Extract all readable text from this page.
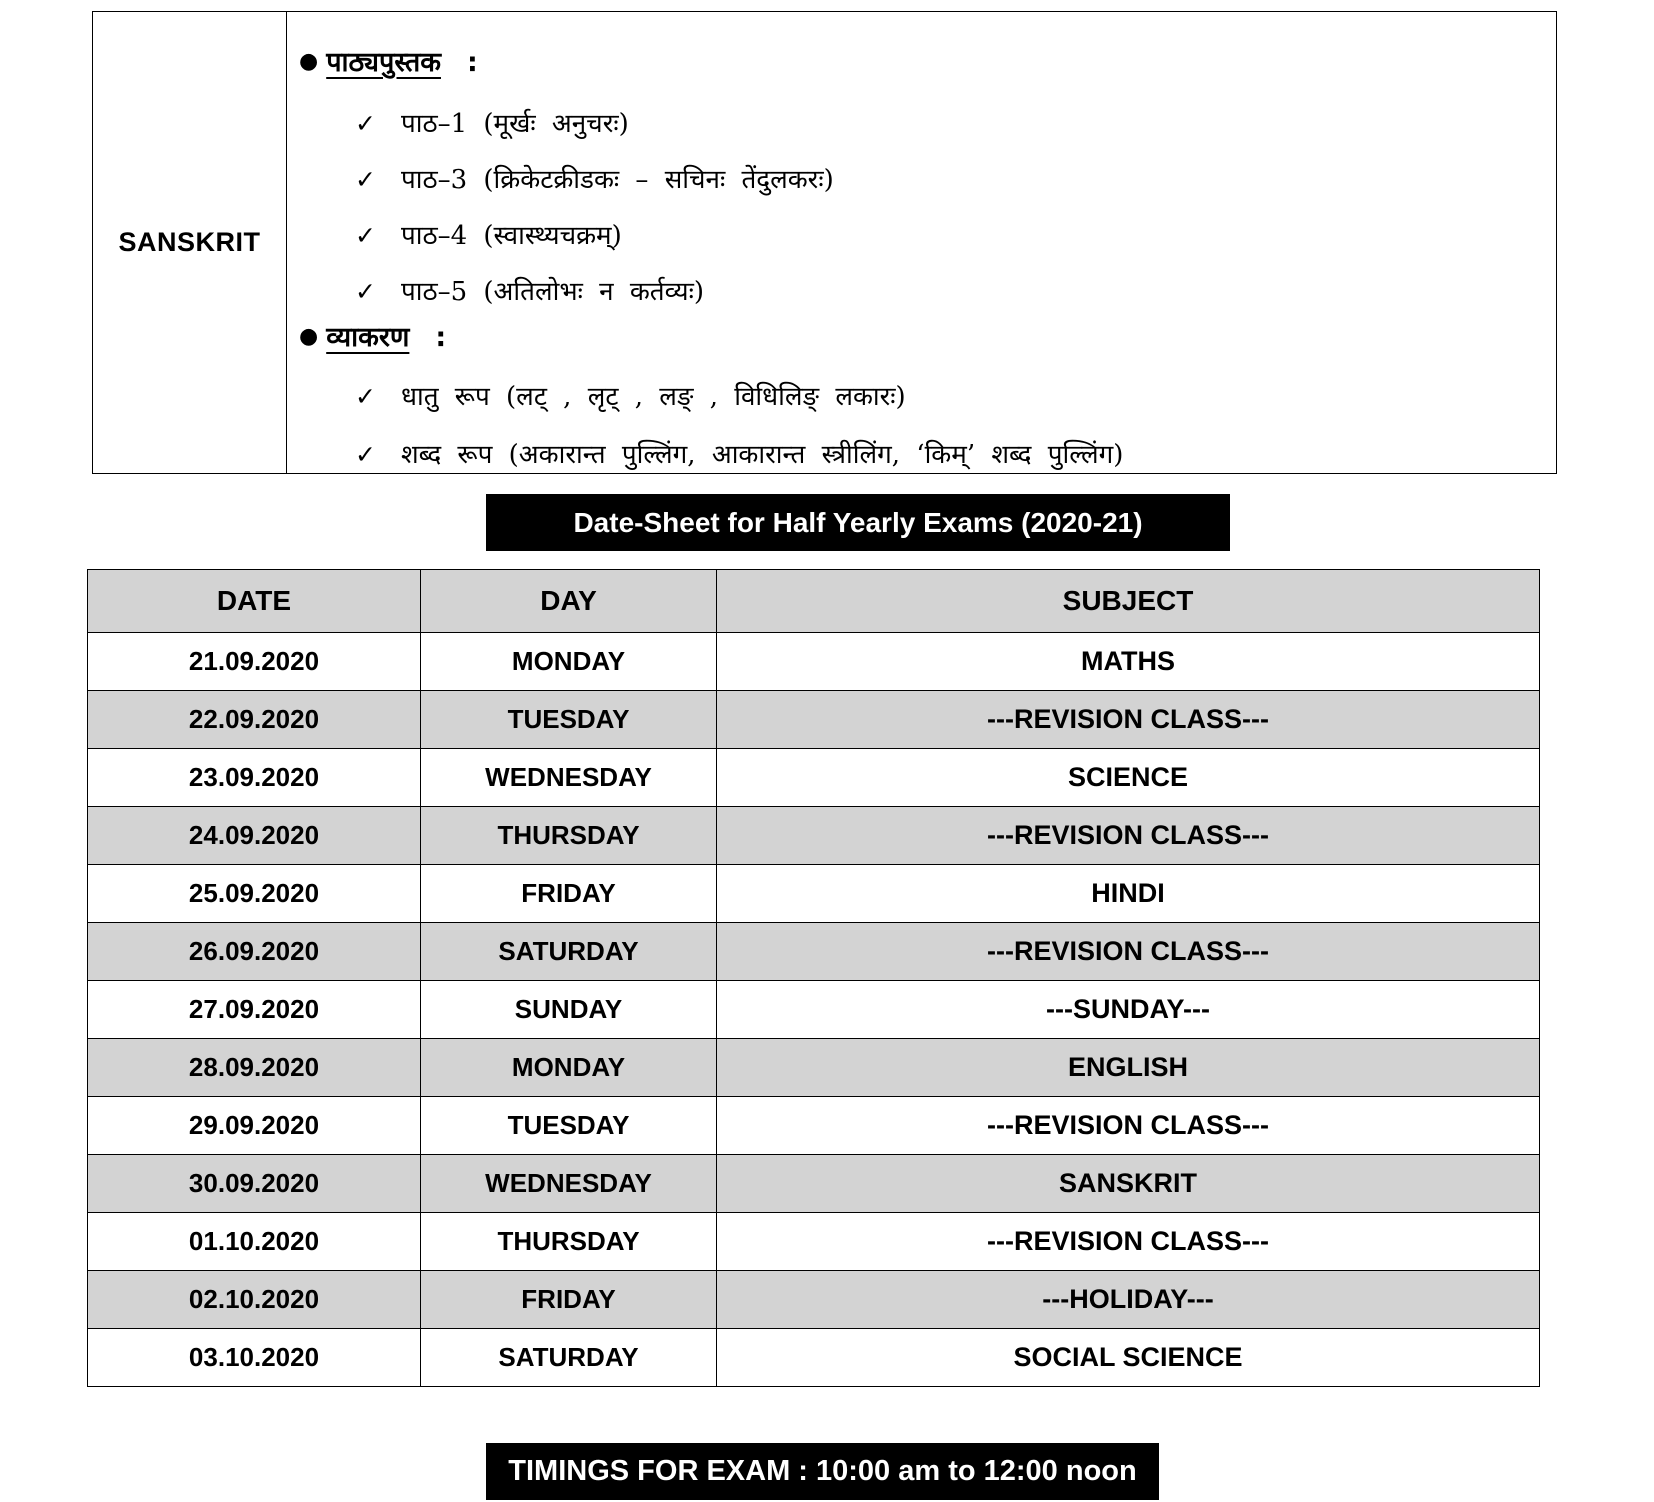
SANSKRIT
● पाठ्यपुस्तक :
✓ पाठ–1 (मूर्खः अनुचरः)
✓ पाठ–3 (क्रिकेटक्रीडकः – सचिनः तेंदुलकरः)
✓ पाठ–4 (स्वास्थ्यचक्रम्)
✓ पाठ–5 (अतिलोभः न कर्तव्यः)
● व्याकरण :
✓ धातु रूप (लट् , लृट् , लङ् , विधिलिङ् लकारः)
✓ शब्द रूप (अकारान्त पुल्लिंग, आकारान्त स्त्रीलिंग, ‘किम्’ शब्द पुल्लिंग)
Date-Sheet for Half Yearly Exams (2020-21)
DATE	DAY	SUBJECT
21.09.2020	MONDAY	MATHS
22.09.2020	TUESDAY	---REVISION CLASS---
23.09.2020	WEDNESDAY	SCIENCE
24.09.2020	THURSDAY	---REVISION CLASS---
25.09.2020	FRIDAY	HINDI
26.09.2020	SATURDAY	---REVISION CLASS---
27.09.2020	SUNDAY	---SUNDAY---
28.09.2020	MONDAY	ENGLISH
29.09.2020	TUESDAY	---REVISION CLASS---
30.09.2020	WEDNESDAY	SANSKRIT
01.10.2020	THURSDAY	---REVISION CLASS---
02.10.2020	FRIDAY	---HOLIDAY---
03.10.2020	SATURDAY	SOCIAL SCIENCE
TIMINGS FOR EXAM : 10:00 am to 12:00 noon
